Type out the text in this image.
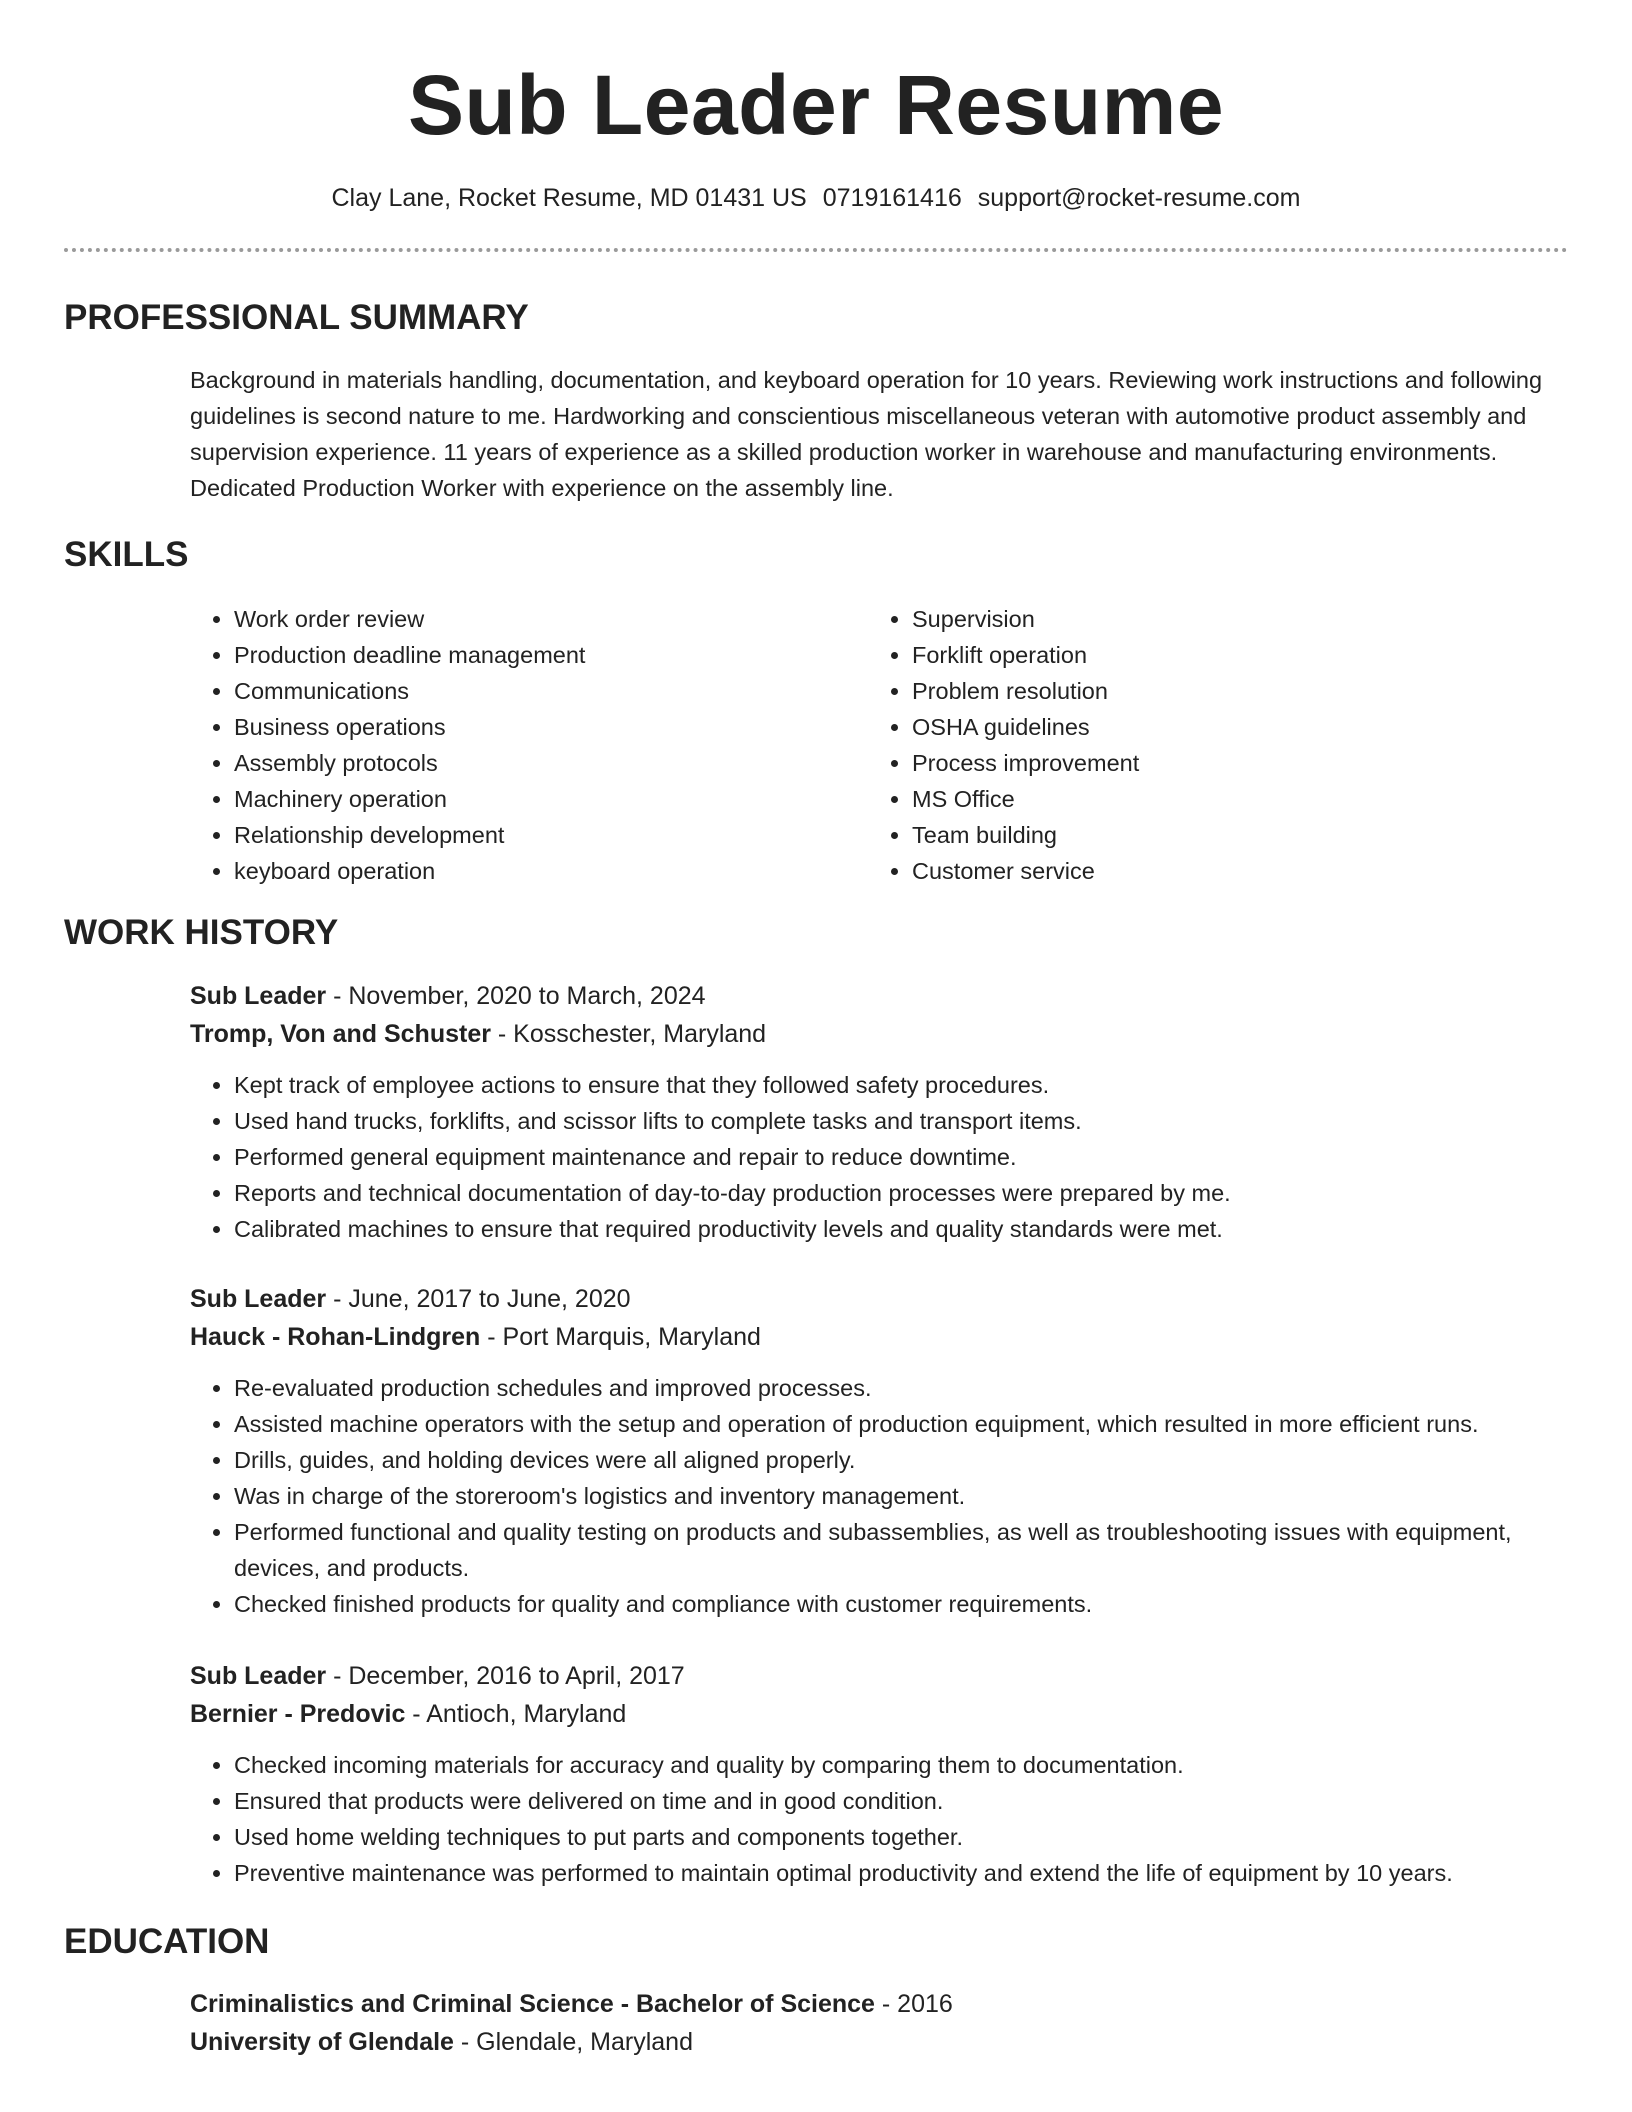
Sub Leader Resume
Clay Lane, Rocket Resume, MD 01431 US 0719161416 support@rocket-resume.com
PROFESSIONAL SUMMARY
Background in materials handling, documentation, and keyboard operation for 10 years. Reviewing work instructions and following guidelines is second nature to me. Hardworking and conscientious miscellaneous veteran with automotive product assembly and supervision experience. 11 years of experience as a skilled production worker in warehouse and manufacturing environments. Dedicated Production Worker with experience on the assembly line.
SKILLS
• Work order review
• Production deadline management
• Communications
• Business operations
• Assembly protocols
• Machinery operation
• Relationship development
• keyboard operation
• Supervision
• Forklift operation
• Problem resolution
• OSHA guidelines
• Process improvement
• MS Office
• Team building
• Customer service
WORK HISTORY
Sub Leader - November, 2020 to March, 2024
Tromp, Von and Schuster - Kosschester, Maryland
• Kept track of employee actions to ensure that they followed safety procedures.
• Used hand trucks, forklifts, and scissor lifts to complete tasks and transport items.
• Performed general equipment maintenance and repair to reduce downtime.
• Reports and technical documentation of day-to-day production processes were prepared by me.
• Calibrated machines to ensure that required productivity levels and quality standards were met.
Sub Leader - June, 2017 to June, 2020
Hauck - Rohan-Lindgren - Port Marquis, Maryland
• Re-evaluated production schedules and improved processes.
• Assisted machine operators with the setup and operation of production equipment, which resulted in more efficient runs.
• Drills, guides, and holding devices were all aligned properly.
• Was in charge of the storeroom's logistics and inventory management.
• Performed functional and quality testing on products and subassemblies, as well as troubleshooting issues with equipment, devices, and products.
• Checked finished products for quality and compliance with customer requirements.
Sub Leader - December, 2016 to April, 2017
Bernier - Predovic - Antioch, Maryland
• Checked incoming materials for accuracy and quality by comparing them to documentation.
• Ensured that products were delivered on time and in good condition.
• Used home welding techniques to put parts and components together.
• Preventive maintenance was performed to maintain optimal productivity and extend the life of equipment by 10 years.
EDUCATION
Criminalistics and Criminal Science - Bachelor of Science - 2016
University of Glendale - Glendale, Maryland
